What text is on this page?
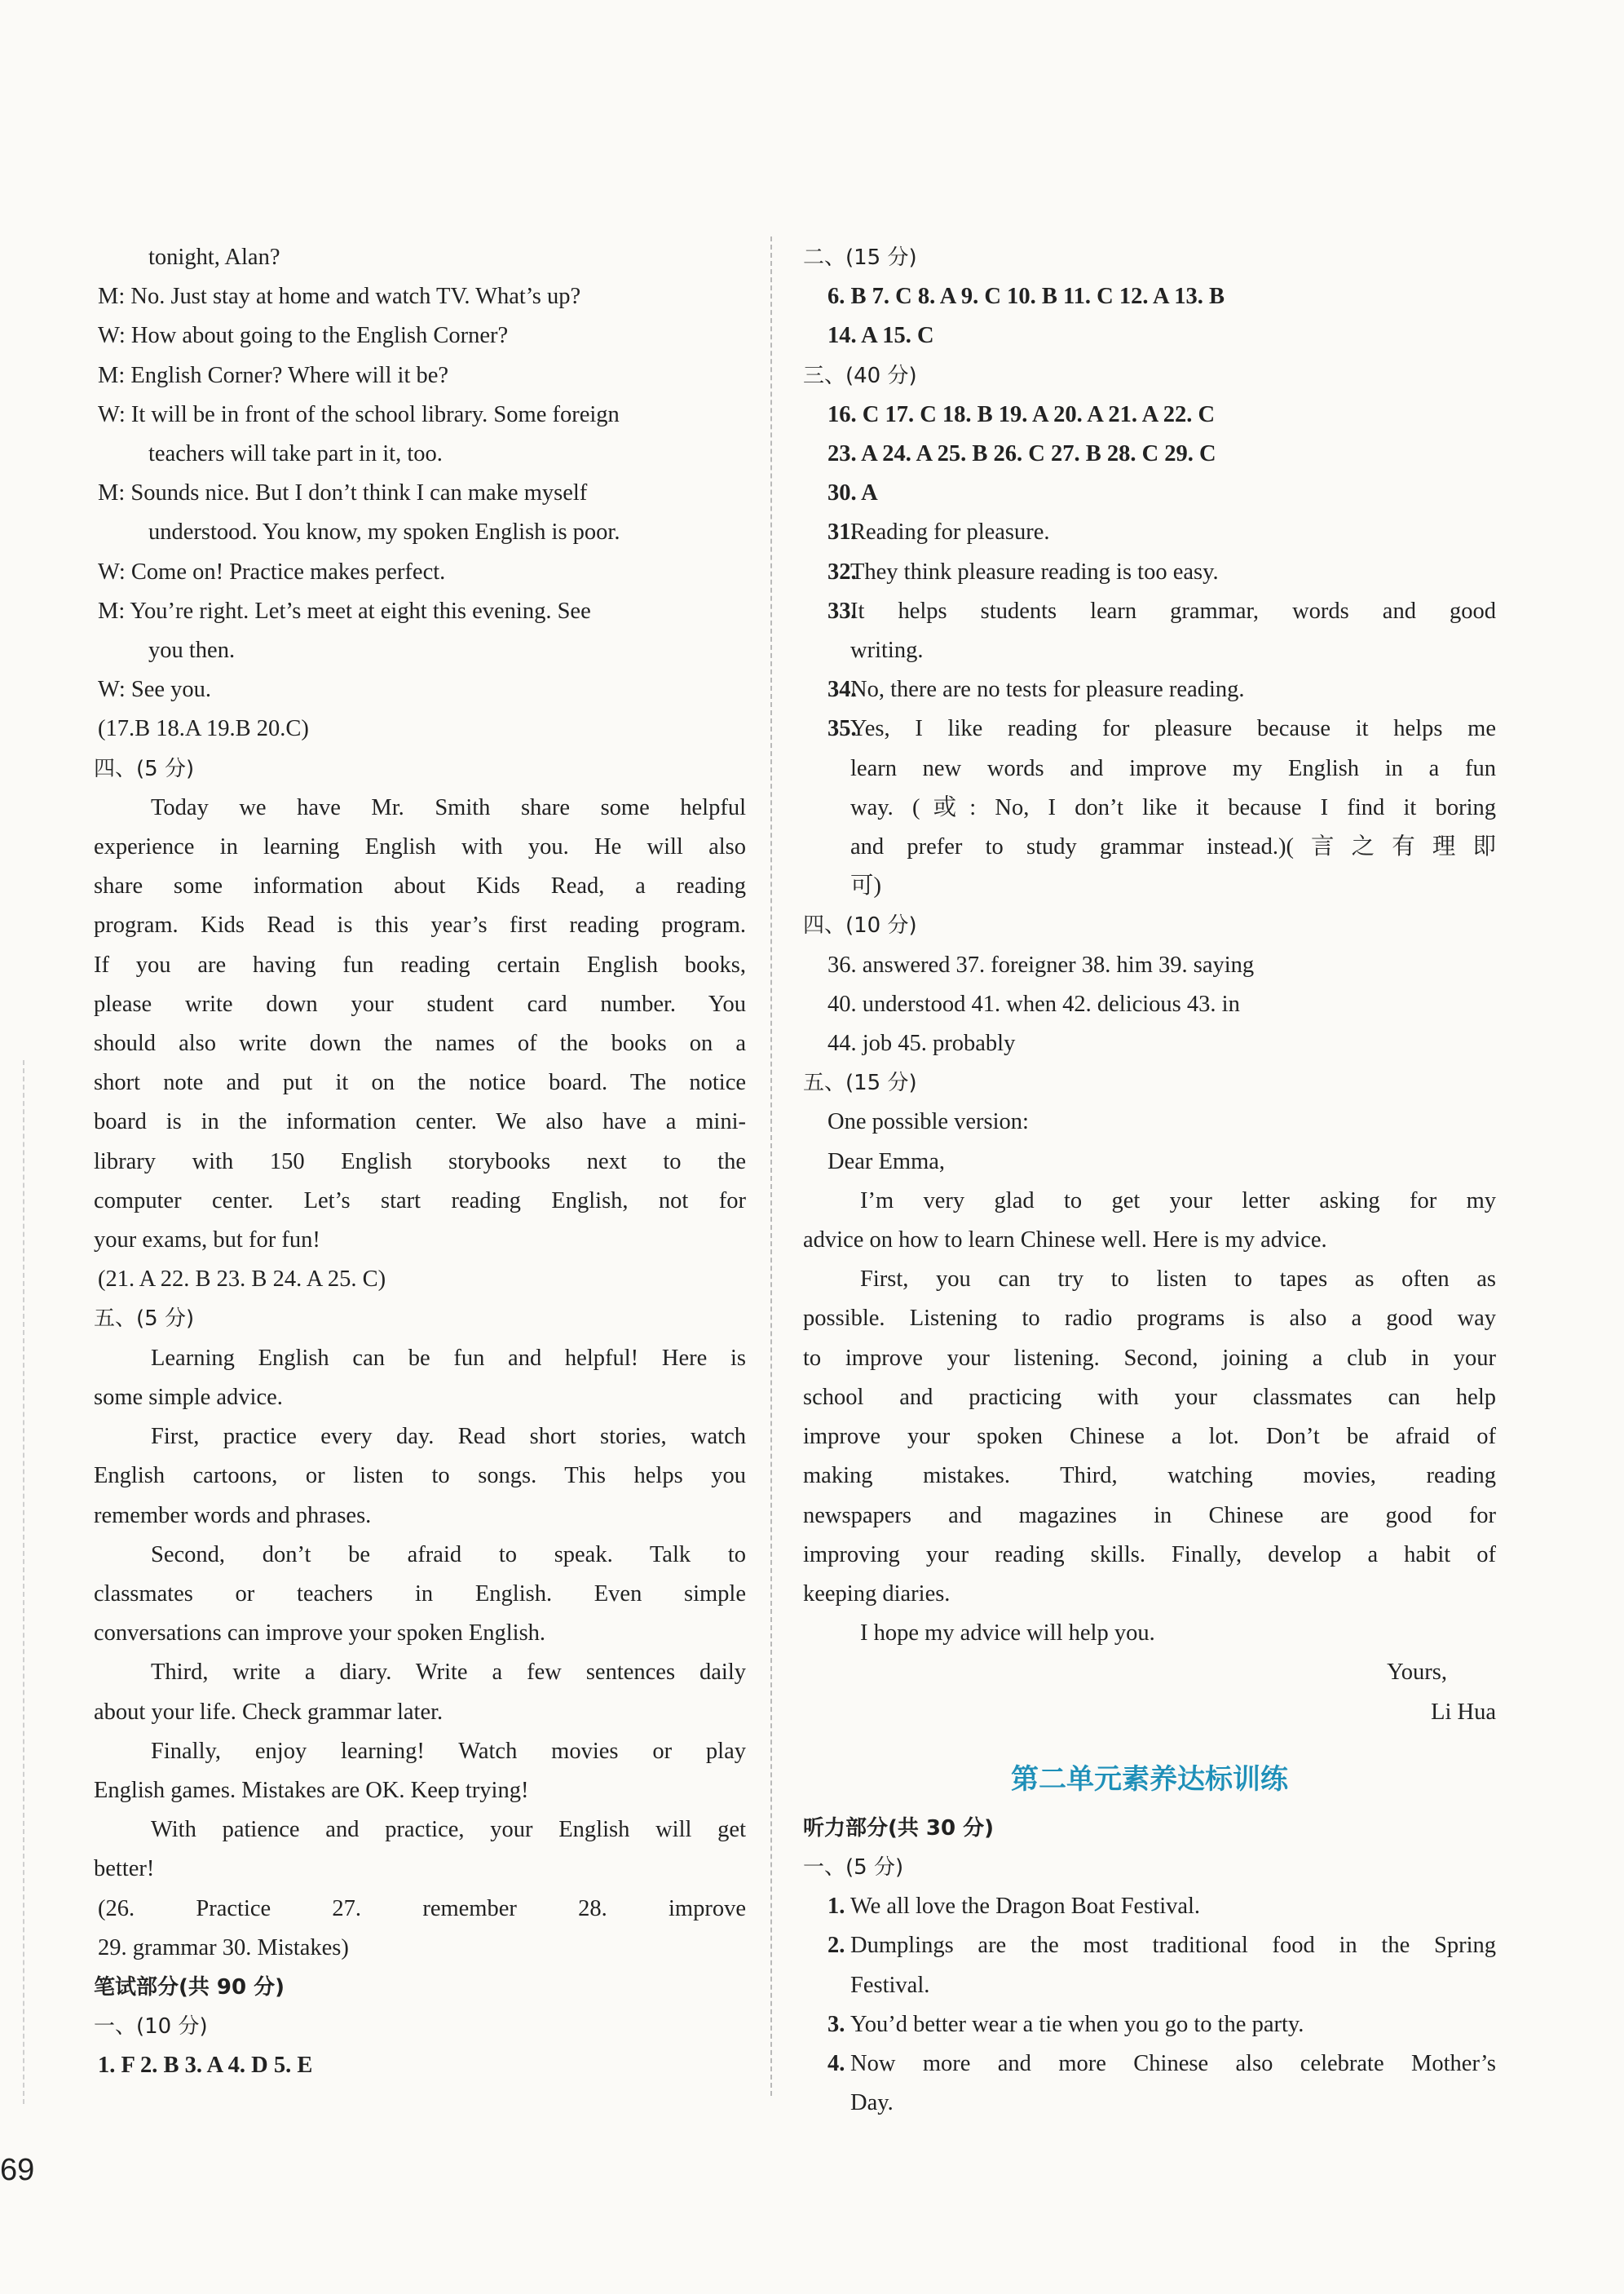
tonight, Alan?
M: No. Just stay at home and watch TV. What’s up?
W: How about going to the English Corner?
M: English Corner? Where will it be?
W: It will be in front of the school library. Some foreign
teachers will take part in it, too.
M: Sounds nice. But I don’t think I can make myself
understood. You know, my spoken English is poor.
W: Come on! Practice makes perfect.
M: You’re right. Let’s meet at eight this evening. See
you then.
W: See you.
(17.B 18.A 19.B 20.C)
四、(5 分)
Today we have Mr. Smith share some helpful
experience in learning English with you. He will also
share some information about Kids Read, a reading
program. Kids Read is this year’s first reading program.
If you are having fun reading certain English books,
please write down your student card number. You
should also write down the names of the books on a
short note and put it on the notice board. The notice
board is in the information center. We also have a mini-
library with 150 English storybooks next to the
computer center. Let’s start reading English, not for
your exams, but for fun!
(21. A 22. B 23. B 24. A 25. C)
五、(5 分)
Learning English can be fun and helpful! Here is
some simple advice.
First, practice every day. Read short stories, watch
English cartoons, or listen to songs. This helps you
remember words and phrases.
Second, don’t be afraid to speak. Talk to
classmates or teachers in English. Even simple
conversations can improve your spoken English.
Third, write a diary. Write a few sentences daily
about your life. Check grammar later.
Finally, enjoy learning! Watch movies or play
English games. Mistakes are OK. Keep trying!
With patience and practice, your English will get
better!
(26. Practice 27. remember 28. improve
29. grammar 30. Mistakes)
笔试部分(共 90 分)
一、(10 分)
1. F 2. B 3. A 4. D 5. E
二、(15 分)
6. B 7. C 8. A 9. C 10. B 11. C 12. A 13. B
14. A 15. C
三、(40 分)
16. C 17. C 18. B 19. A 20. A 21. A 22. C
23. A 24. A 25. B 26. C 27. B 28. C 29. C
30. A
31.
Reading for pleasure.
32.
They think pleasure reading is too easy.
33.
It helps students learn grammar, words and good
writing.
34.
No, there are no tests for pleasure reading.
35.
Yes, I like reading for pleasure because it helps me
learn new words and improve my English in a fun
way. (或: No, I don’t like it because I find it boring
and prefer to study grammar instead.)(言之有理即
可)
四、(10 分)
36. answered 37. foreigner 38. him 39. saying
40. understood 41. when 42. delicious 43. in
44. job 45. probably
五、(15 分)
One possible version:
Dear Emma,
I’m very glad to get your letter asking for my
advice on how to learn Chinese well. Here is my advice.
First, you can try to listen to tapes as often as
possible. Listening to radio programs is also a good way
to improve your listening. Second, joining a club in your
school and practicing with your classmates can help
improve your spoken Chinese a lot. Don’t be afraid of
making mistakes. Third, watching movies, reading
newspapers and magazines in Chinese are good for
improving your reading skills. Finally, develop a habit of
keeping diaries.
I hope my advice will help you.
Yours,
Li Hua
第二单元素养达标训练
听力部分(共 30 分)
一、(5 分)
1. We all love the Dragon Boat Festival.
2. Dumplings are the most traditional food in the Spring
Festival.
3. You’d better wear a tie when you go to the party.
4. Now more and more Chinese also celebrate Mother’s
Day.
69
